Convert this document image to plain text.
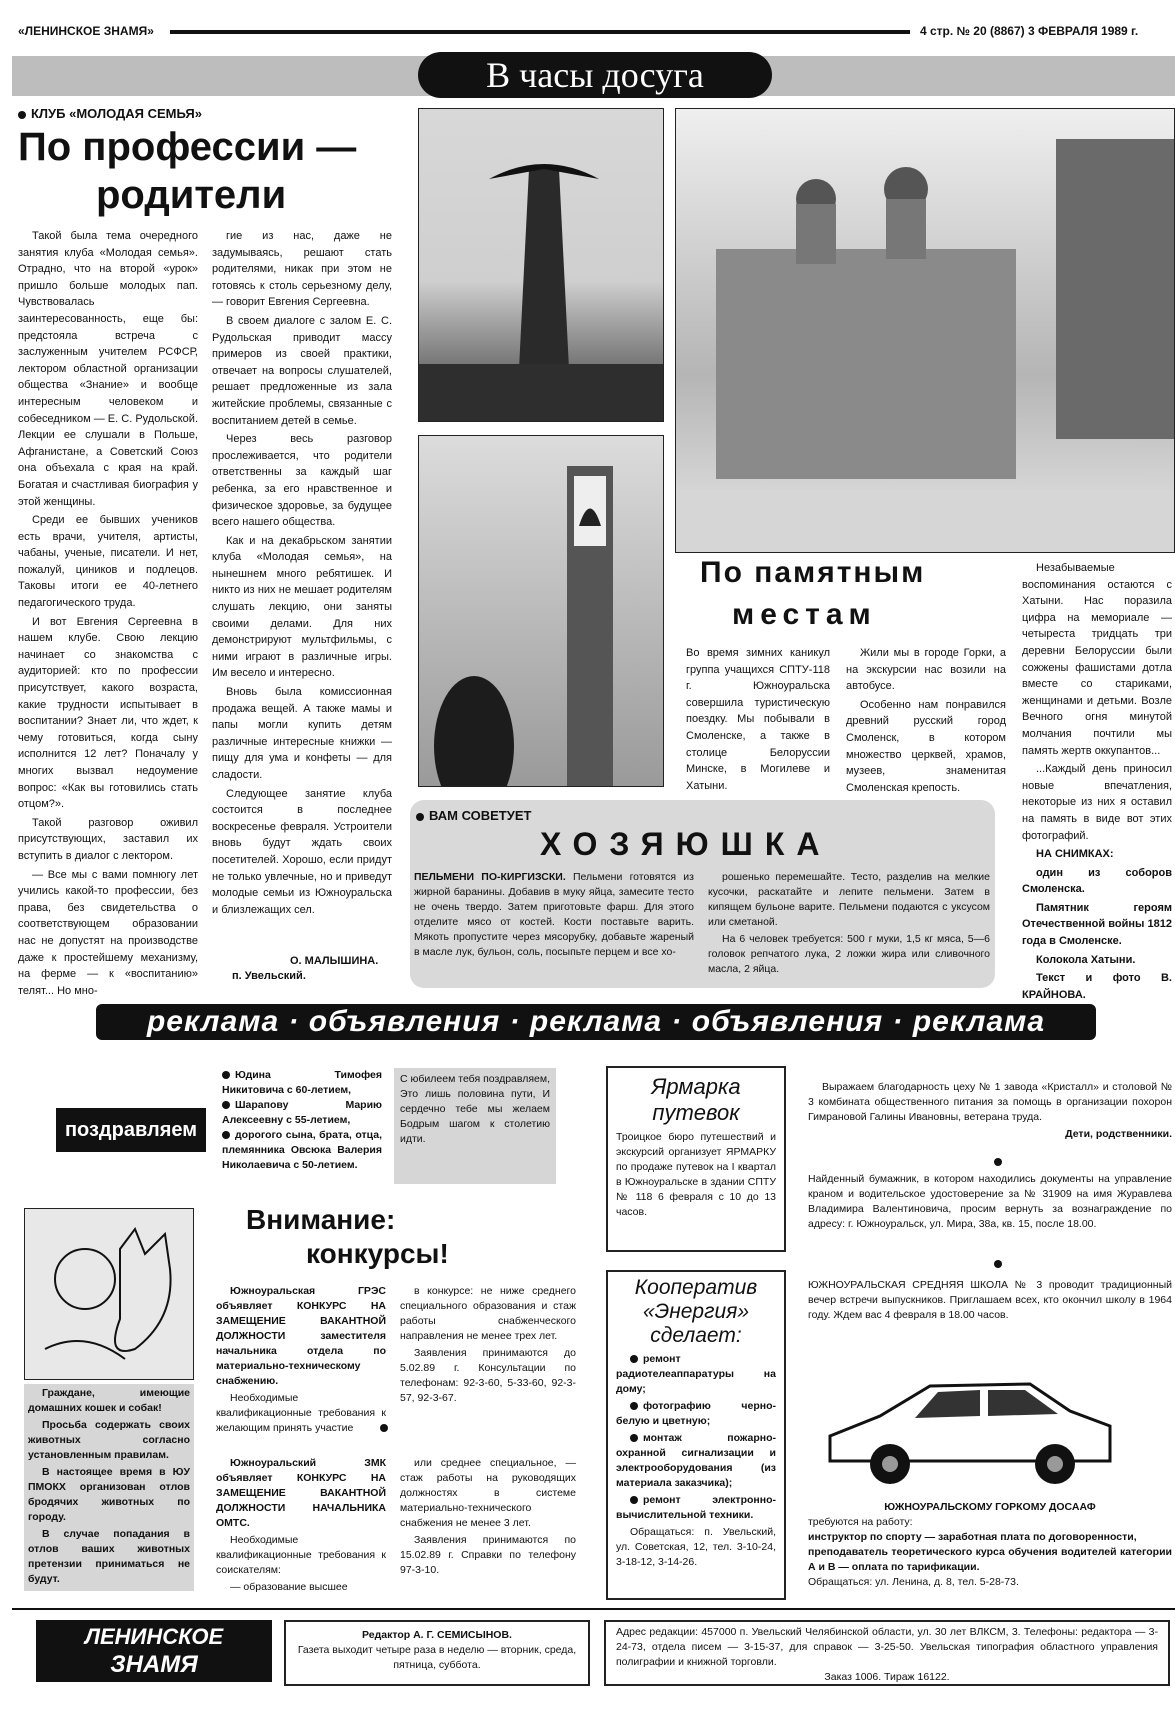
«ЛЕНИНСКОЕ ЗНАМЯ»	4 стр. № 20 (8867) 3 ФЕВРАЛЯ 1989 г.
В часы досуга
КЛУБ «МОЛОДАЯ СЕМЬЯ»
По профессии —
родители

Такой была тема очередного занятия клуба «Молодая семья». Отрадно, что на второй «урок» пришло больше молодых пап. Чувствовалась заинтересованность, еще бы: предстояла встреча с заслуженным учителем РСФСР, лектором областной организации общества «Знание» и вообще интересным человеком и собеседником — Е. С. Рудольской. Лекции ее слушали в Польше, Афганистане, а Советский Союз она объехала с края на край. Богатая и счастливая биография у этой женщины.

Среди ее бывших учеников есть врачи, учителя, артисты, чабаны, ученые, писатели. И нет, пожалуй, циников и подлецов. Таковы итоги ее 40-летнего педагогического труда.

И вот Евгения Сергеевна в нашем клубе. Свою лекцию начинает со знакомства с аудиторией: кто по профессии присутствует, какого возраста, какие трудности испытывает в воспитании? Знает ли, что ждет, к чему готовиться, когда сыну исполнится 12 лет? Поначалу у многих вызвал недоумение вопрос: «Как вы готовились стать отцом?».

Такой разговор оживил присутствующих, заставил их вступить в диалог с лектором.

— Все мы с вами помнюгу лет учились какой-то профессии, без права, без свидетельства о соответствующем образовании нас не допустят на производстве даже к простейшему механизму, на ферме — к «воспитанию» телят... Но мно-

гие из нас, даже не задумываясь, решают стать родителями, никак при этом не готовясь к столь серьезному делу, — говорит Евгения Сергеевна.

В своем диалоге с залом Е. С. Рудольская приводит массу примеров из своей практики, отвечает на вопросы слушателей, решает предложенные из зала житейские проблемы, связанные с воспитанием детей в семье.

Через весь разговор прослеживается, что родители ответственны за каждый шаг ребенка, за его нравственное и физическое здоровье, за будущее всего нашего общества.

Как и на декабрьском занятии клуба «Молодая семья», на нынешнем много ребятишек. И никто из них не мешает родителям слушать лекцию, они заняты своими делами. Для них демонстрируют мультфильмы, с ними играют в различные игры. Им весело и интересно.

Вновь была комиссионная продажа вещей. А также мамы и папы могли купить детям различные интересные книжки — пищу для ума и конфеты — для сладости.

Следующее занятие клуба состоится в последнее воскресенье февраля. Устроители вновь будут ждать своих посетителей. Хорошо, если придут не только увлечные, но и приведут молодые семьи из Южноуральска и близлежащих сел.

О. МАЛЫШИНА.
п. Увельский.
По памятным
местам
Во время зимних каникул группа учащихся СПТУ-118 г. Южноуральска совершила туристическую поездку. Мы побывали в Смоленске, а также в столице Белоруссии Минске, в Могилеве и Хатыни.

Жили мы в городе Горки, а на экскурсии нас возили на автобусе.

Особенно нам понравился древний русский город Смоленск, в котором множество церквей, храмов, музеев, знаменитая Смоленская крепость.

Незабываемые воспоминания остаются с Хатыни. Нас поразила цифра на мемориале — четыреста тридцать три деревни Белоруссии были сожжены фашистами дотла вместе со стариками, женщинами и детьми. Возле Вечного огня минутой молчания почтили мы память жертв оккупантов...

...Каждый день приносил новые впечатления, некоторые из них я оставил на память в виде вот этих фотографий.

НА СНИМКАХ:

один из соборов Смоленска.

Памятник героям Отечественной войны 1812 года в Смоленске.

Колокола Хатыни.

Текст и фото В. КРАЙНОВА.

ВАМ СОВЕТУЕТ
ХОЗЯЮШКА
ПЕЛЬМЕНИ ПО-КИРГИЗСКИ. Пельмени готовятся из жирной баранины. Добавив в муку яйца, замесите тесто не очень твердо. Затем приготовьте фарш. Для этого отделите мясо от костей. Кости поставьте варить. Мякоть пропустите через мясорубку, добавьте жареный в масле лук, бульон, соль, посыпьте перцем и все хо-

рошенько перемешайте. Тесто, разделив на мелкие кусочки, раскатайте и лепите пельмени. Затем в кипящем бульоне варите. Пельмени подаются с уксусом или сметаной.

На 6 человек требуется: 500 г муки, 1,5 кг мяса, 5—6 головок репчатого лука, 2 ложки жира или сливочного масла, 2 яйца.

реклама · объявления · реклама · объявления · реклама
поздравляем
Юдина Тимофея Никитовича с 60-летием,
Шарапову Марию Алексеевну с 55-летием,
дорогого сына, брата, отца, племянника Овсюка Валерия Николаевича с 50-летием.
С юбилеем тебя поздравляем, Это лишь половина пути, И сердечно тебе мы желаем Бодрым шагом к столетию идти.
Ярмарка
путевок
Троицкое бюро путешествий и экскурсий организует ЯРМАРКУ по продаже путевок на I квартал в Южноуральске в здании СПТУ № 118 6 февраля с 10 до 13 часов.

Выражаем благодарность цеху № 1 завода «Кристалл» и столовой № 3 комбината общественного питания за помощь в организации похорон Гимрановой Галины Ивановны, ветерана труда.

Дети, родственники.

Найденный бумажник, в котором находились документы на управление краном и водительское удостоверение за № 31909 на имя Журавлева Владимира Валентиновича, просим вернуть за вознаграждение по адресу: г. Южноуральск, ул. Мира, 38а, кв. 15, после 18.00.
ЮЖНОУРАЛЬСКАЯ СРЕДНЯЯ ШКОЛА № 3 проводит традиционный вечер встречи выпускников. Приглашаем всех, кто окончил школу в 1964 году. Ждем вас 4 февраля в 18.00 часов.
ЮЖНОУРАЛЬСКОМУ ГОРКОМУ ДОСААФ
требуются на работу:
инструктор по спорту — заработная плата по договоренности,
преподаватель теоретического курса обучения водителей категории А и В — оплата по тарификации.
Обращаться: ул. Ленина, д. 8, тел. 5-28-73.

Граждане, имеющие домашних кошек и собак!

Просьба содержать своих животных согласно установленным правилам.

В настоящее время в ЮУ ПМОКХ организован отлов бродячих животных по городу.

В случае попадания в отлов ваших животных претензии приниматься не будут.

Внимание:
конкурсы!

Южноуральская ГРЭС объявляет КОНКУРС НА ЗАМЕЩЕНИЕ ВАКАНТНОЙ ДОЛЖНОСТИ заместителя начальника отдела по материально-техническому снабжению.

Необходимые квалификационные требования к желающим принять участие

в конкурсе: не ниже среднего специального образования и стаж работы снабженческого направления не менее трех лет.

Заявления принимаются до 5.02.89 г. Консультации по телефонам: 92-3-60, 5-33-60, 92-3-57, 92-3-67.

Южноуральский ЗМК объявляет КОНКУРС НА ЗАМЕЩЕНИЕ ВАКАНТНОЙ ДОЛЖНОСТИ НАЧАЛЬНИКА ОМТС.

Необходимые квалификационные требования к соискателям:

— образование высшее

или среднее специальное, — стаж работы на руководящих должностях в системе материально-технического снабжения не менее 3 лет.

Заявления принимаются по 15.02.89 г. Справки по телефону 97-3-10.

Кооператив
«Энергия»
сделает:

ремонт радиотелеаппаратуры на дому;

фотографию черно-белую и цветную;

монтаж пожарно-охранной сигнализации и электрооборудования (из материала заказчика);

ремонт электронно-вычислительной техники.

Обращаться: п. Увельский, ул. Советская, 12, тел. 3-10-24, 3-18-12, 3-14-26.

ЛЕНИНСКОЕ
ЗНАМЯ
Редактор А. Г. СЕМИСЫНОВ.
Газета выходит четыре раза в неделю — вторник, среда, пятница, суббота.
Адрес редакции: 457000 п. Увельский Челябинской области, ул. 30 лет ВЛКСМ, 3. Телефоны: редактора — 3-24-73, отдела писем — 3-15-37, для справок — 3-25-50. Увельская типография областного управления полиграфии и книжной торговли.
Заказ 1006. Тираж 16122.
